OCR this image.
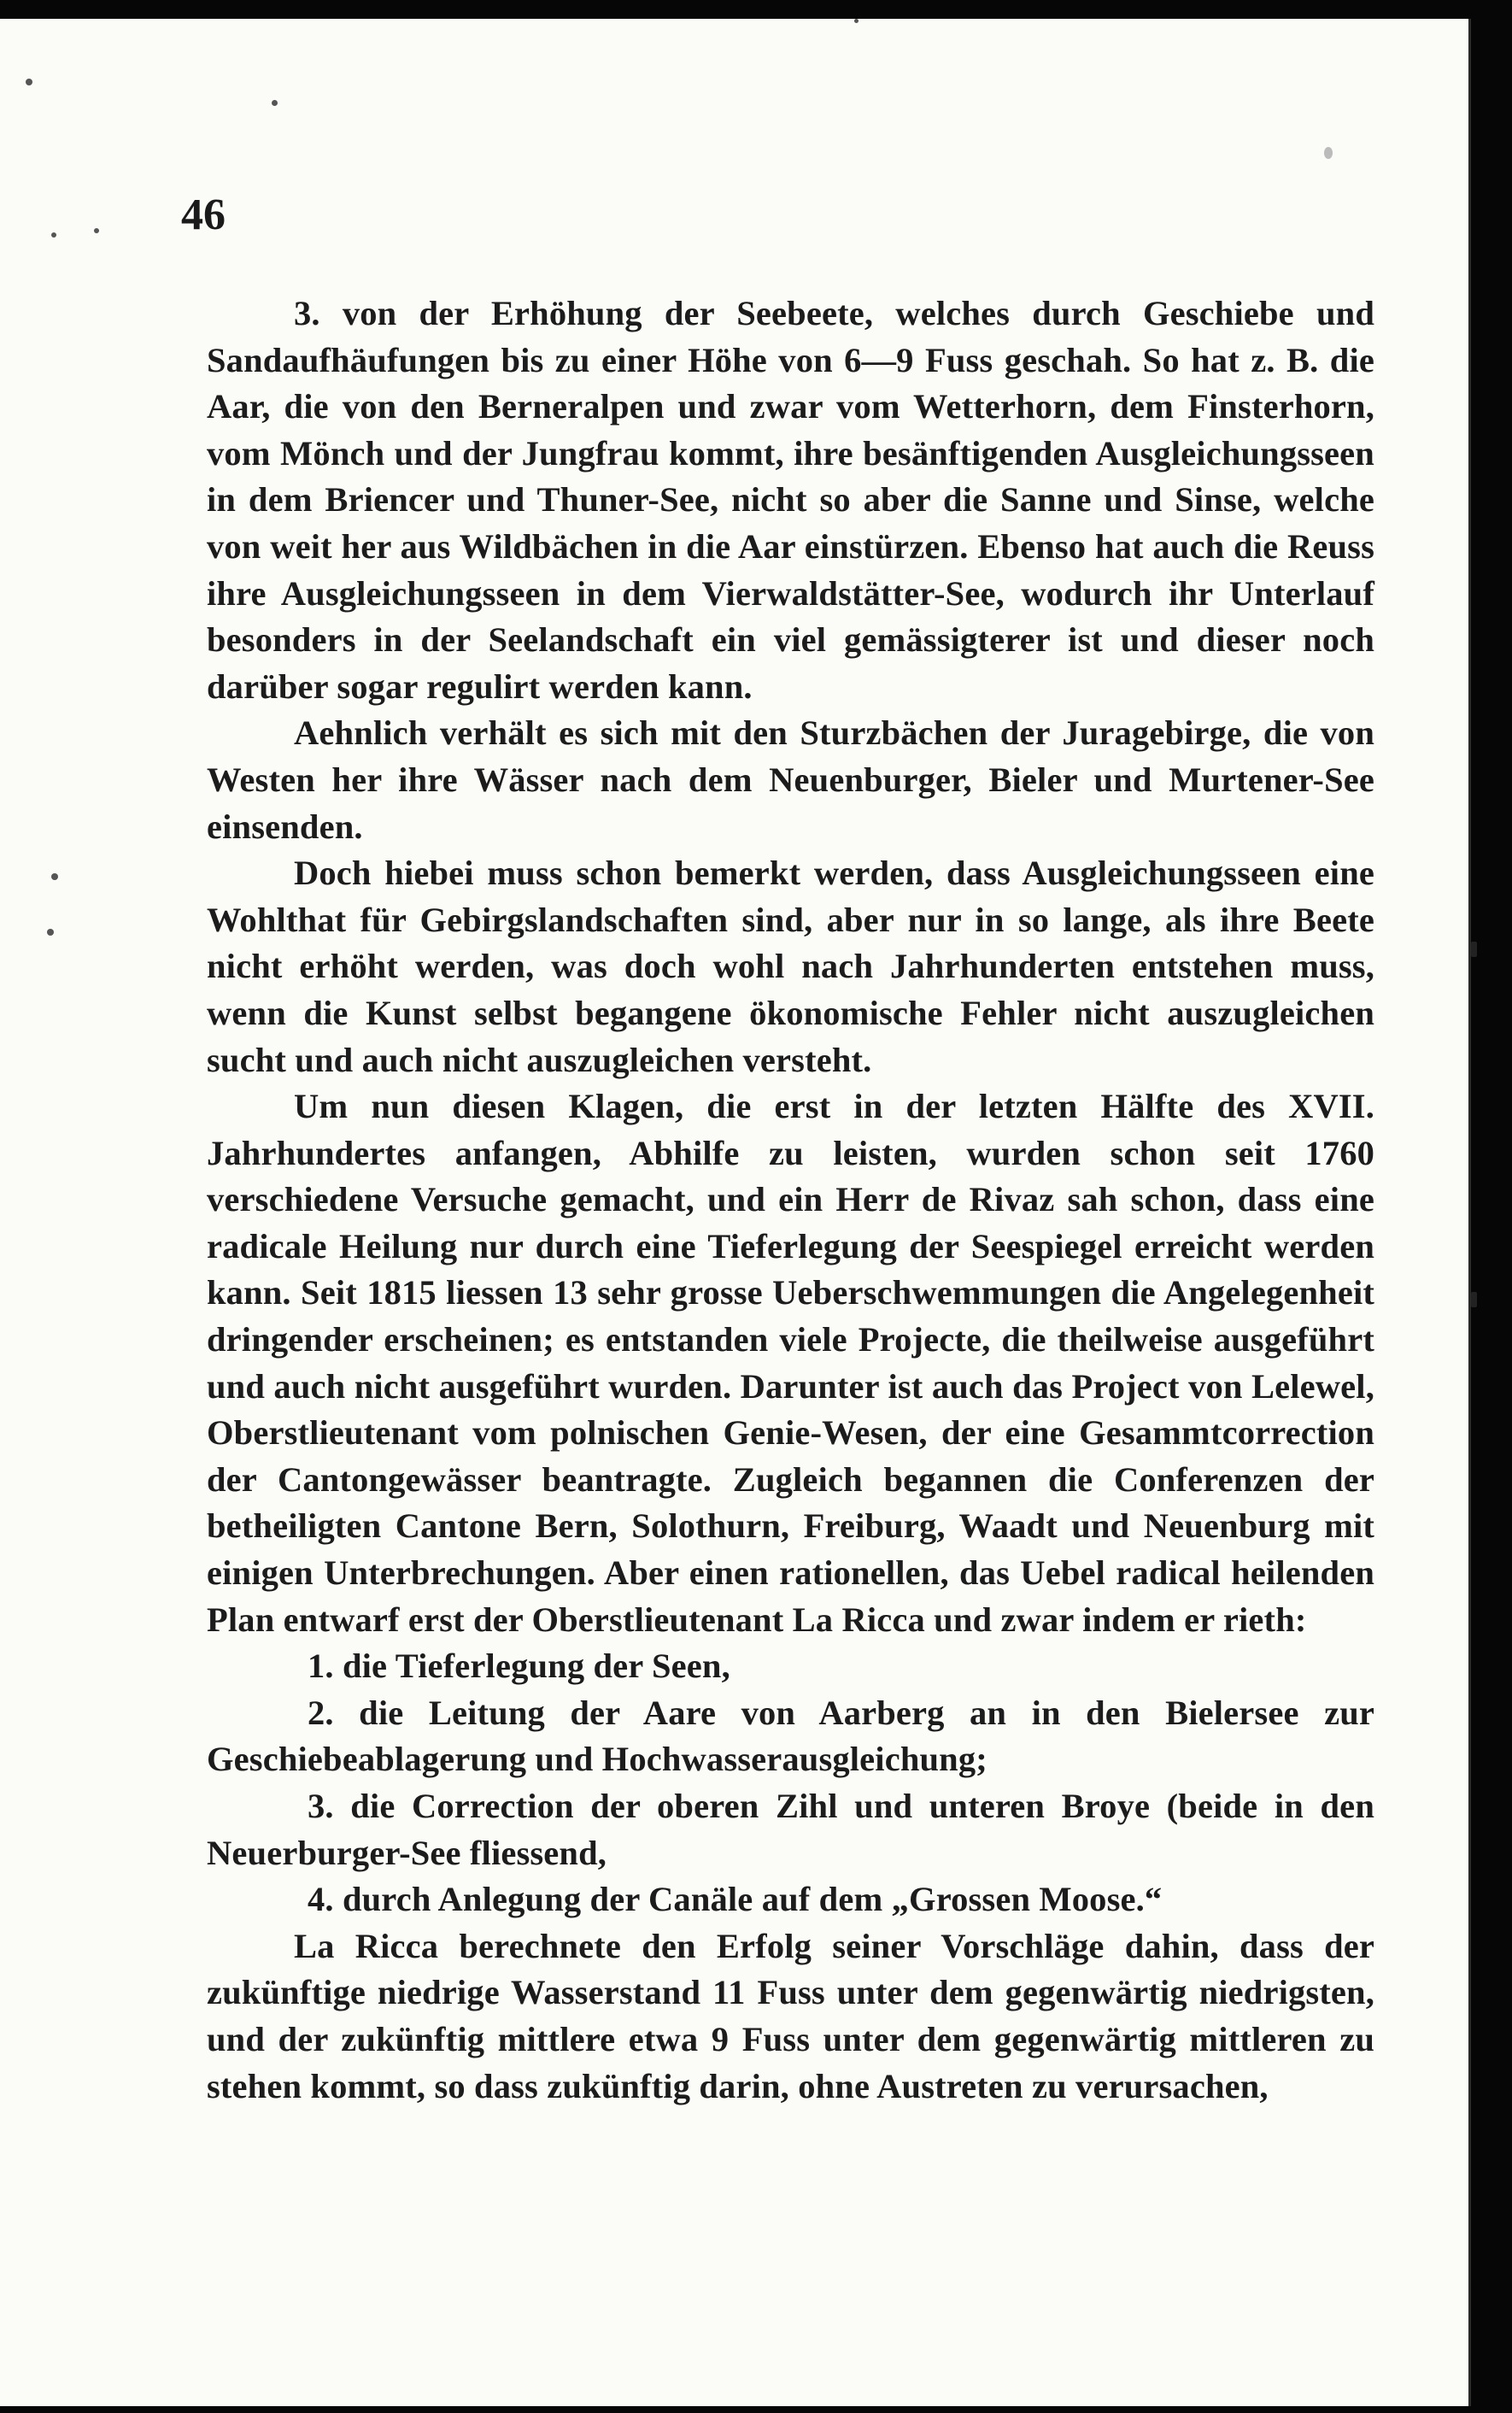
46

3. von der Erhöhung der Seebeete, welches durch Geschiebe und Sandaufhäufungen bis zu einer Höhe von 6—9 Fuss geschah. So hat z. B. die Aar, die von den Berneralpen und zwar vom Wetterhorn, dem Finsterhorn, vom Mönch und der Jungfrau kommt, ihre besänftigenden Ausgleichungsseen in dem Briencer und Thuner-See, nicht so aber die Sanne und Sinse, welche von weit her aus Wildbächen in die Aar einstürzen. Ebenso hat auch die Reuss ihre Ausgleichungsseen in dem Vierwaldstätter-See, wodurch ihr Unterlauf besonders in der Seelandschaft ein viel gemässigterer ist und dieser noch darüber sogar regulirt werden kann.

Aehnlich verhält es sich mit den Sturzbächen der Juragebirge, die von Westen her ihre Wässer nach dem Neuenburger, Bieler und Murtener-See einsenden.

Doch hiebei muss schon bemerkt werden, dass Ausgleichungsseen eine Wohlthat für Gebirgslandschaften sind, aber nur in so lange, als ihre Beete nicht erhöht werden, was doch wohl nach Jahrhunderten entstehen muss, wenn die Kunst selbst begangene ökonomische Fehler nicht auszugleichen sucht und auch nicht auszugleichen versteht.

Um nun diesen Klagen, die erst in der letzten Hälfte des XVII. Jahrhundertes anfangen, Abhilfe zu leisten, wurden schon seit 1760 verschiedene Versuche gemacht, und ein Herr de Rivaz sah schon, dass eine radicale Heilung nur durch eine Tieferlegung der Seespiegel erreicht werden kann. Seit 1815 liessen 13 sehr grosse Ueberschwemmungen die Angelegenheit dringender erscheinen; es entstanden viele Projecte, die theilweise ausgeführt und auch nicht ausgeführt wurden. Darunter ist auch das Project von Lelewel, Oberstlieutenant vom polnischen Genie-Wesen, der eine Gesammtcorrection der Cantongewässer beantragte. Zugleich begannen die Conferenzen der betheiligten Cantone Bern, Solothurn, Freiburg, Waadt und Neuenburg mit einigen Unterbrechungen. Aber einen rationellen, das Uebel radical heilenden Plan entwarf erst der Oberstlieutenant La Ricca und zwar indem er rieth:

1. die Tieferlegung der Seen,

2. die Leitung der Aare von Aarberg an in den Bielersee zur Geschiebeablagerung und Hochwasserausgleichung;

3. die Correction der oberen Zihl und unteren Broye (beide in den Neuerburger-See fliessend,

4. durch Anlegung der Canäle auf dem „Grossen Moose.“

La Ricca berechnete den Erfolg seiner Vorschläge dahin, dass der zukünftige niedrige Wasserstand 11 Fuss unter dem gegenwärtig niedrigsten, und der zukünftig mittlere etwa 9 Fuss unter dem gegenwärtig mittleren zu stehen kommt, so dass zukünftig darin, ohne Austreten zu verursachen,
